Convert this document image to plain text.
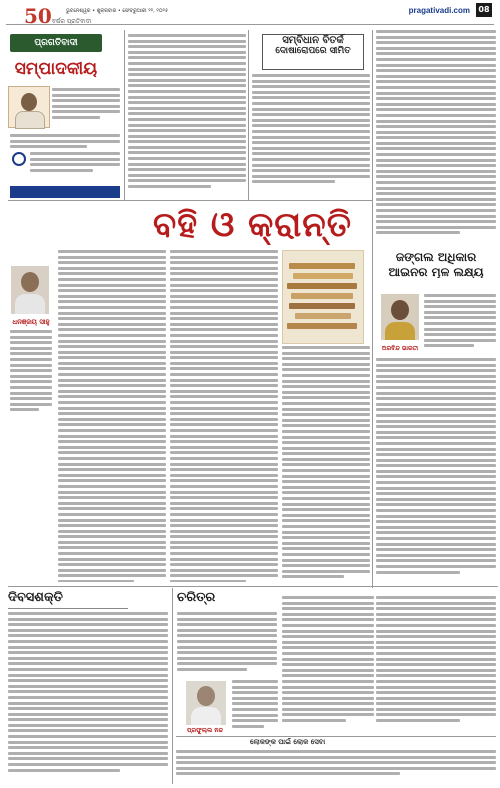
50ବର୍ଷର ପ୍ରତିବାଦୀ
ଭୁବନେଶ୍ୱର • ଶୁକ୍ରବାର • ଫେବ୍ରୁଆରୀ ୨୨, ୨୦୨୫	pragativadi.com	08
ପ୍ରଗତିବାଦୀ
ସମ୍ପାଦକୀୟ
ସମ୍ବିଧାନ ବିତର୍କ
ଦୋଷାରୋପରେ ସୀମିତ
ବହି ଓ କ୍ରାନ୍ତି
ଧନଞ୍ଜୟ ସାହୁ
ଜଙ୍ଗଲ ଅଧିକାର ଆଇନର ମୂଳ ଲକ୍ଷ୍ୟ
ଅରବିନ୍ଦ ଭାରତୀ
ଦିବସଶକ୍ତି	ଚରିତ୍ର
ପ୍ରଫୁଲ୍ଲ ନନ୍ଦ
ଲୋକଙ୍କ ପାଇଁ ଲୋକ ସେବା
